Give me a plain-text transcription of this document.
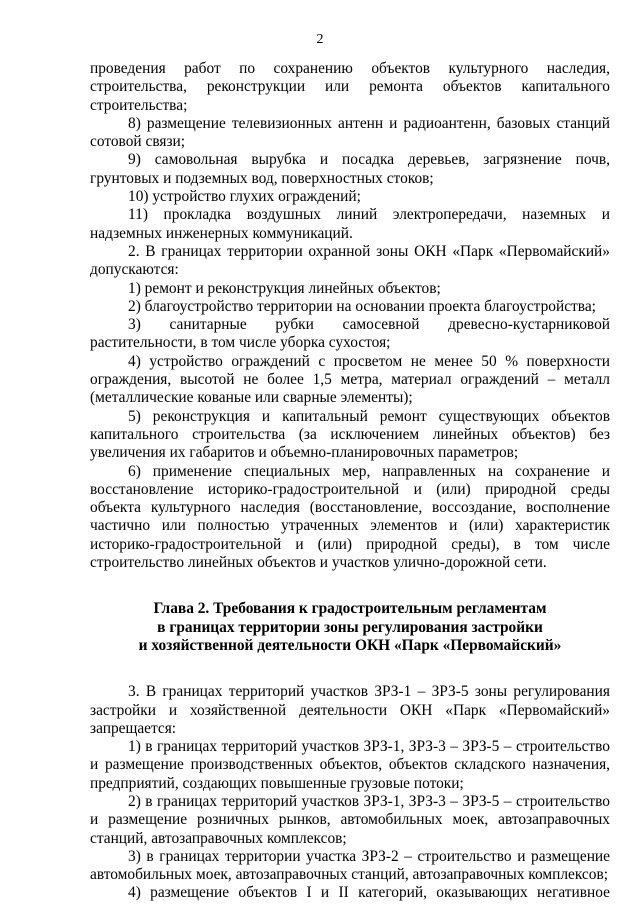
2

проведения работ по сохранению объектов культурного наследия, строительства, реконструкции или ремонта объектов капитального строительства;

8) размещение телевизионных антенн и радиоантенн, базовых станций сотовой связи;

9) самовольная вырубка и посадка деревьев, загрязнение почв, грунтовых и подземных вод, поверхностных стоков;

10) устройство глухих ограждений;

11) прокладка воздушных линий электропередачи, наземных и надземных инженерных коммуникаций.

2. В границах территории охранной зоны ОКН «Парк «Первомайский» допускаются:

1) ремонт и реконструкция линейных объектов;

2) благоустройство территории на основании проекта благоустройства;

3) санитарные рубки самосевной древесно-кустарниковой растительности, в том числе уборка сухостоя;

4) устройство ограждений с просветом не менее 50 % поверхности ограждения, высотой не более 1,5 метра, материал ограждений – металл (металлические кованые или сварные элементы);

5) реконструкция и капитальный ремонт существующих объектов капитального строительства (за исключением линейных объектов) без увеличения их габаритов и объемно-планировочных параметров;

6) применение специальных мер, направленных на сохранение и восстановление историко-градостроительной и (или) природной среды объекта культурного наследия (восстановление, воссоздание, восполнение частично или полностью утраченных элементов и (или) характеристик историко-градостроительной и (или) природной среды), в том числе строительство линейных объектов и участков улично-дорожной сети.

Глава 2. Требования к градостроительным регламентам
в границах территории зоны регулирования застройки
и хозяйственной деятельности ОКН «Парк «Первомайский»

3. В границах территорий участков ЗРЗ-1 – ЗРЗ-5 зоны регулирования застройки и хозяйственной деятельности ОКН «Парк «Первомайский» запрещается:

1) в границах территорий участков ЗРЗ-1, ЗРЗ-3 – ЗРЗ-5 – строительство и размещение производственных объектов, объектов складского назначения, предприятий, создающих повышенные грузовые потоки;

2) в границах территорий участков ЗРЗ-1, ЗРЗ-3 – ЗРЗ-5 – строительство и размещение розничных рынков, автомобильных моек, автозаправочных станций, автозаправочных комплексов;

3) в границах территории участка ЗРЗ-2 – строительство и размещение автомобильных моек, автозаправочных станций, автозаправочных комплексов;

4) размещение объектов I и II категорий, оказывающих негативное
